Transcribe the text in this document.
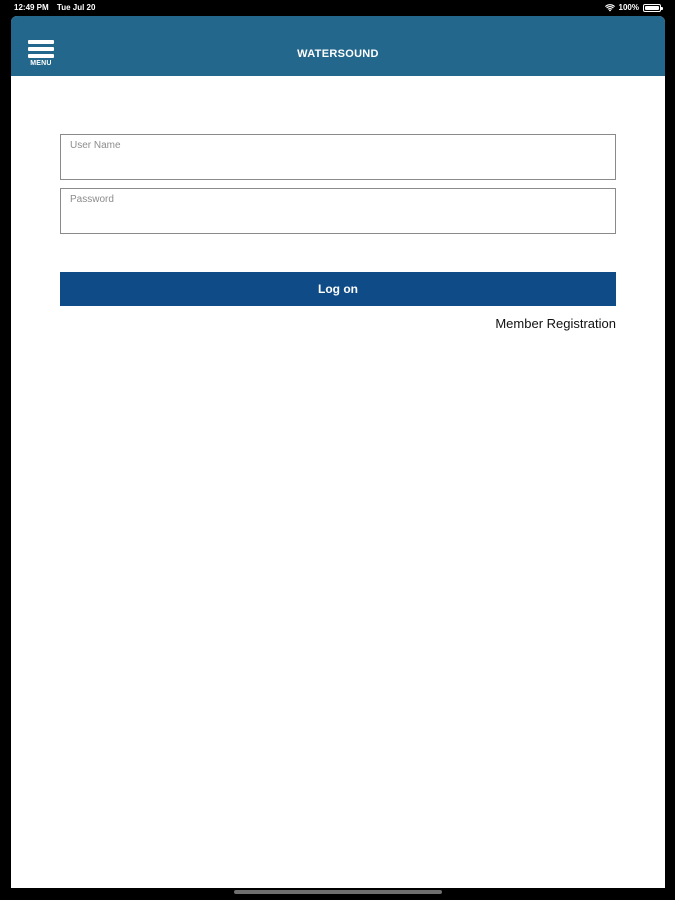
12:49 PM Tue Jul 20	100%
MENU
WATERSOUND
User Name
Password
Log on
Member Registration
